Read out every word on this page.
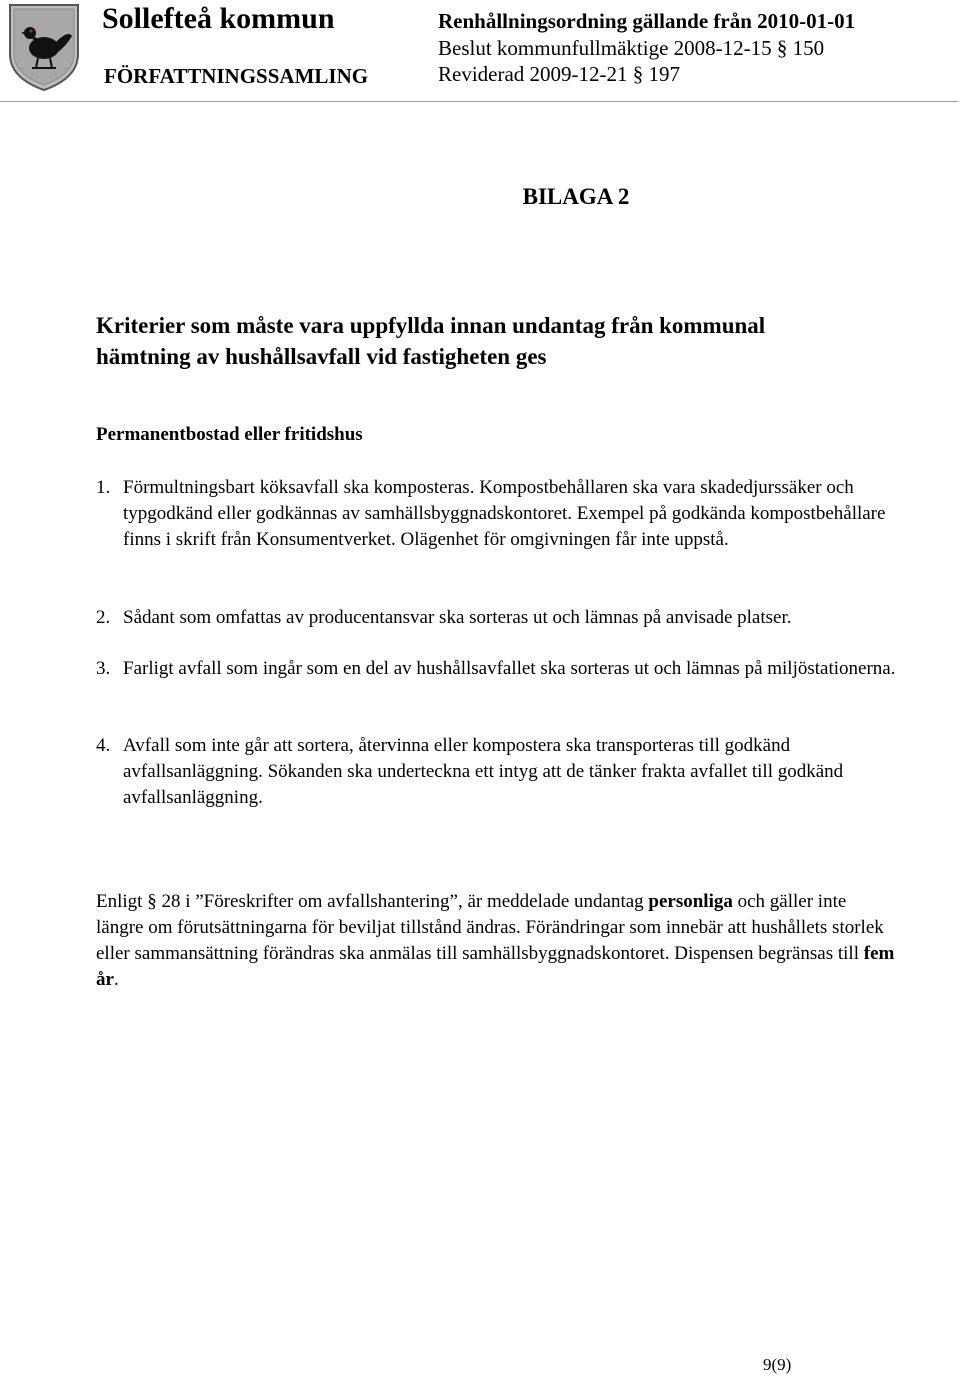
Sollefteå kommun
FÖRFATTNINGSSAMLING
Renhållningsordning gällande från 2010-01-01
Beslut kommunfullmäktige 2008-12-15 § 150
Reviderad 2009-12-21 § 197
BILAGA 2
Kriterier som måste vara uppfyllda innan undantag från kommunal
hämtning av hushållsavfall vid fastigheten ges
Permanentbostad eller fritidshus
1. Förmultningsbart köksavfall ska komposteras. Kompostbehållaren ska vara skadedjurssäker och typgodkänd eller godkännas av samhällsbyggnadskontoret. Exempel på godkända kompostbehållare finns i skrift från Konsumentverket. Olägenhet för omgivningen får inte uppstå.
2. Sådant som omfattas av producentansvar ska sorteras ut och lämnas på anvisade platser.
3. Farligt avfall som ingår som en del av hushållsavfallet ska sorteras ut och lämnas på miljöstationerna.
4. Avfall som inte går att sortera, återvinna eller kompostera ska transporteras till godkänd avfallsanläggning. Sökanden ska underteckna ett intyg att de tänker frakta avfallet till godkänd avfallsanläggning.
Enligt § 28 i ”Föreskrifter om avfallshantering”, är meddelade undantag personliga och gäller inte längre om förutsättningarna för beviljat tillstånd ändras. Förändringar som innebär att hushållets storlek eller sammansättning förändras ska anmälas till samhällsbyggnadskontoret. Dispensen begränsas till fem år.
9(9)
